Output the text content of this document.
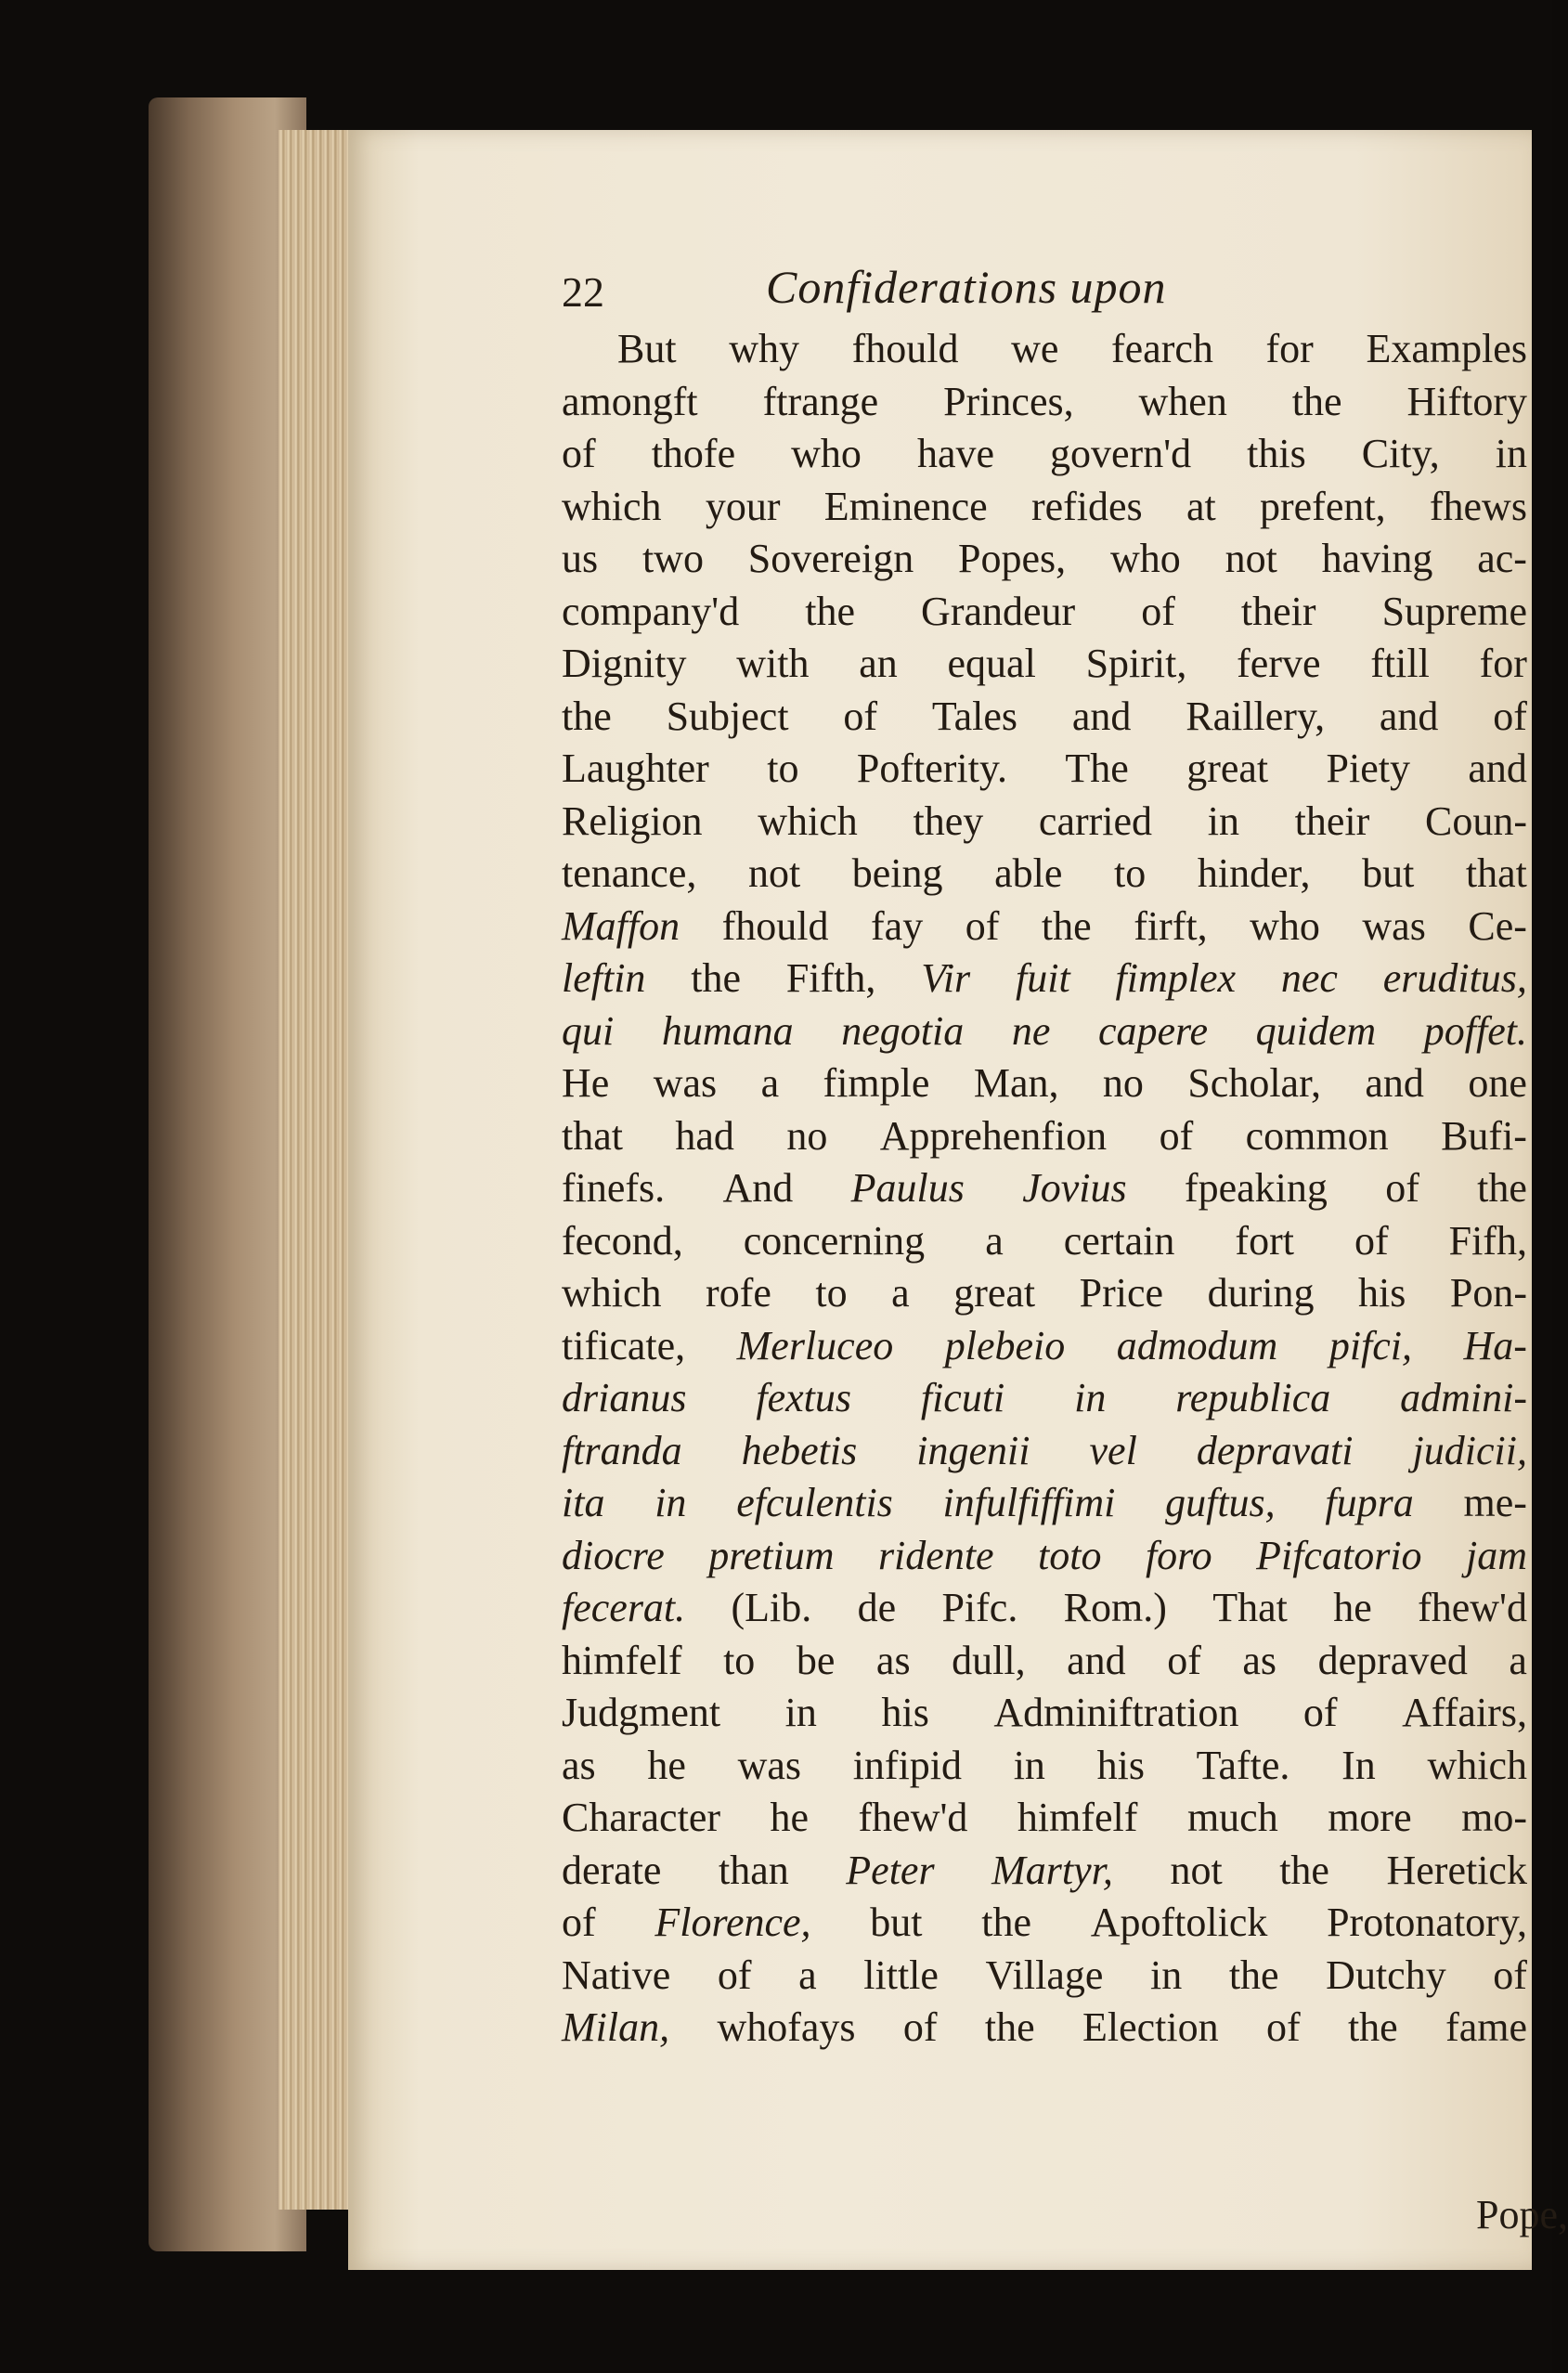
22	Confiderations upon
But why fhould we fearch for Examples
amongft ftrange Princes, when the Hiftory
of thofe who have govern'd this City, in
which your Eminence refides at prefent, fhews
us two Sovereign Popes, who not having ac-
company'd the Grandeur of their Supreme
Dignity with an equal Spirit, ferve ftill for
the Subject of Tales and Raillery, and of
Laughter to Pofterity. The great Piety and
Religion which they carried in their Coun-
tenance, not being able to hinder, but that
Maffon fhould fay of the firft, who was Ce-
leftin the Fifth, Vir fuit fimplex nec eruditus,
qui humana negotia ne capere quidem poffet.
He was a fimple Man, no Scholar, and one
that had no Apprehenfion of common Bufi-
finefs. And Paulus Jovius fpeaking of the
fecond, concerning a certain fort of Fifh,
which rofe to a great Price during his Pon-
tificate, Merluceo plebeio admodum pifci, Ha-
drianus fextus ficuti in republica admini-
ftranda hebetis ingenii vel depravati judicii,
ita in efculentis infulfiffimi guftus, fupra me-
diocre pretium ridente toto foro Pifcatorio jam
fecerat. (Lib. de Pifc. Rom.) That he fhew'd
himfelf to be as dull, and of as depraved a
Judgment in his Adminiftration of Affairs,
as he was infipid in his Tafte. In which
Character he fhew'd himfelf much more mo-
derate than Peter Martyr, not the Heretick
of Florence, but the Apoftolick Protonatory,
Native of a little Village in the Dutchy of
Milan, whofays of the Election of the fame
Pope,
